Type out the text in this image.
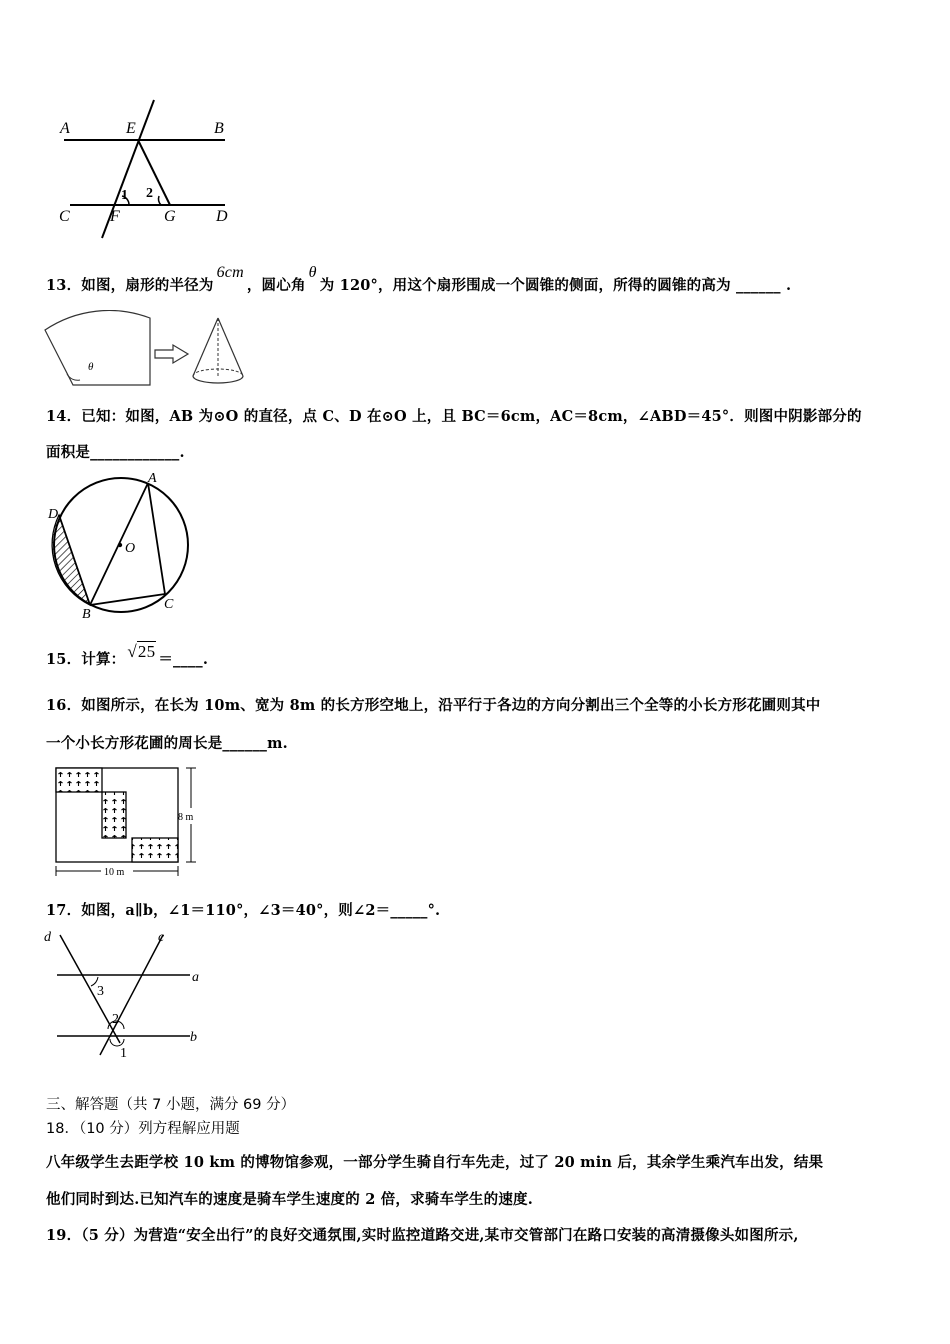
A	E	B
C	F	G	D
1 2
13．如图，扇形的半径为6cm，圆心角θ为 120°，用这个扇形围成一个圆锥的侧面，所得的圆锥的高为 ______ .
θ
14．已知：如图，AB 为⊙O 的直径，点 C、D 在⊙O 上，且 BC＝6cm，AC＝8cm，∠ABD＝45°．则图中阴影部分的
面积是____________.
A
D
O
B
C
15．计算： √25 ＝____.
16．如图所示，在长为 10m、宽为 8m 的长方形空地上，沿平行于各边的方向分割出三个全等的小长方形花圃则其中
一个小长方形花圃的周长是______m.
8 m
10 m
17．如图，a∥b，∠1＝110°，∠3＝40°，则∠2＝_____°.
d	c
a
b
3
2
1
三、解答题（共 7 小题，满分 69 分）
18．（10 分）列方程解应用题
八年级学生去距学校 10 km 的博物馆参观，一部分学生骑自行车先走，过了 20 min 后，其余学生乘汽车出发，结果
他们同时到达.已知汽车的速度是骑车学生速度的 2 倍，求骑车学生的速度.
19．（5 分）为营造“安全出行”的良好交通氛围,实时监控道路交进,某市交管部门在路口安装的高清摄像头如图所示,
